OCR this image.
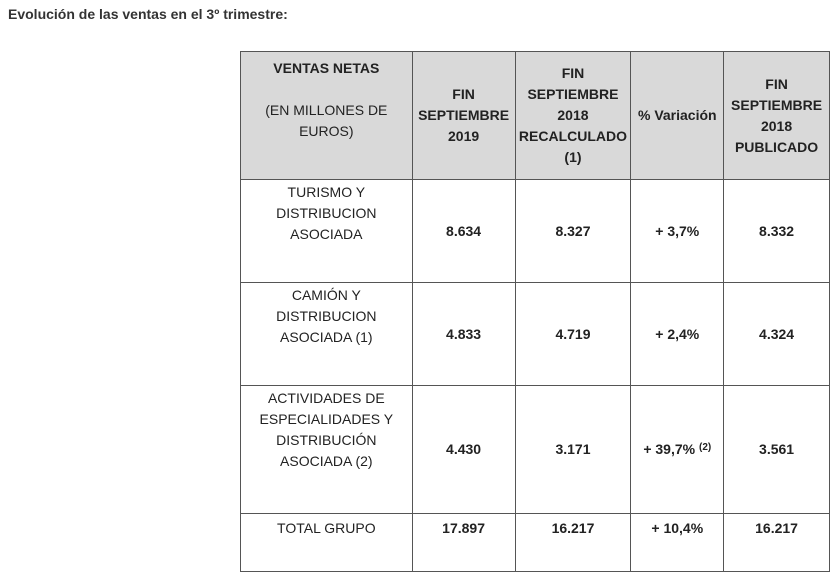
Evolución de las ventas en el 3º trimestre:
VENTAS NETAS
(EN MILLONES DE EUROS)	FIN SEPTIEMBRE 2019	FIN SEPTIEMBRE 2018 RECALCULADO (1)	% Variación	FIN SEPTIEMBRE 2018 PUBLICADO
TURISMO Y DISTRIBUCION ASOCIADA	8.634	8.327	+ 3,7%	8.332
CAMIÓN Y DISTRIBUCION ASOCIADA (1)	4.833	4.719	+ 2,4%	4.324
ACTIVIDADES DE ESPECIALIDADES Y DISTRIBUCIÓN ASOCIADA (2)	4.430	3.171	+ 39,7% $^{(2)}$	3.561
TOTAL GRUPO	17.897	16.217	+ 10,4%	16.217
